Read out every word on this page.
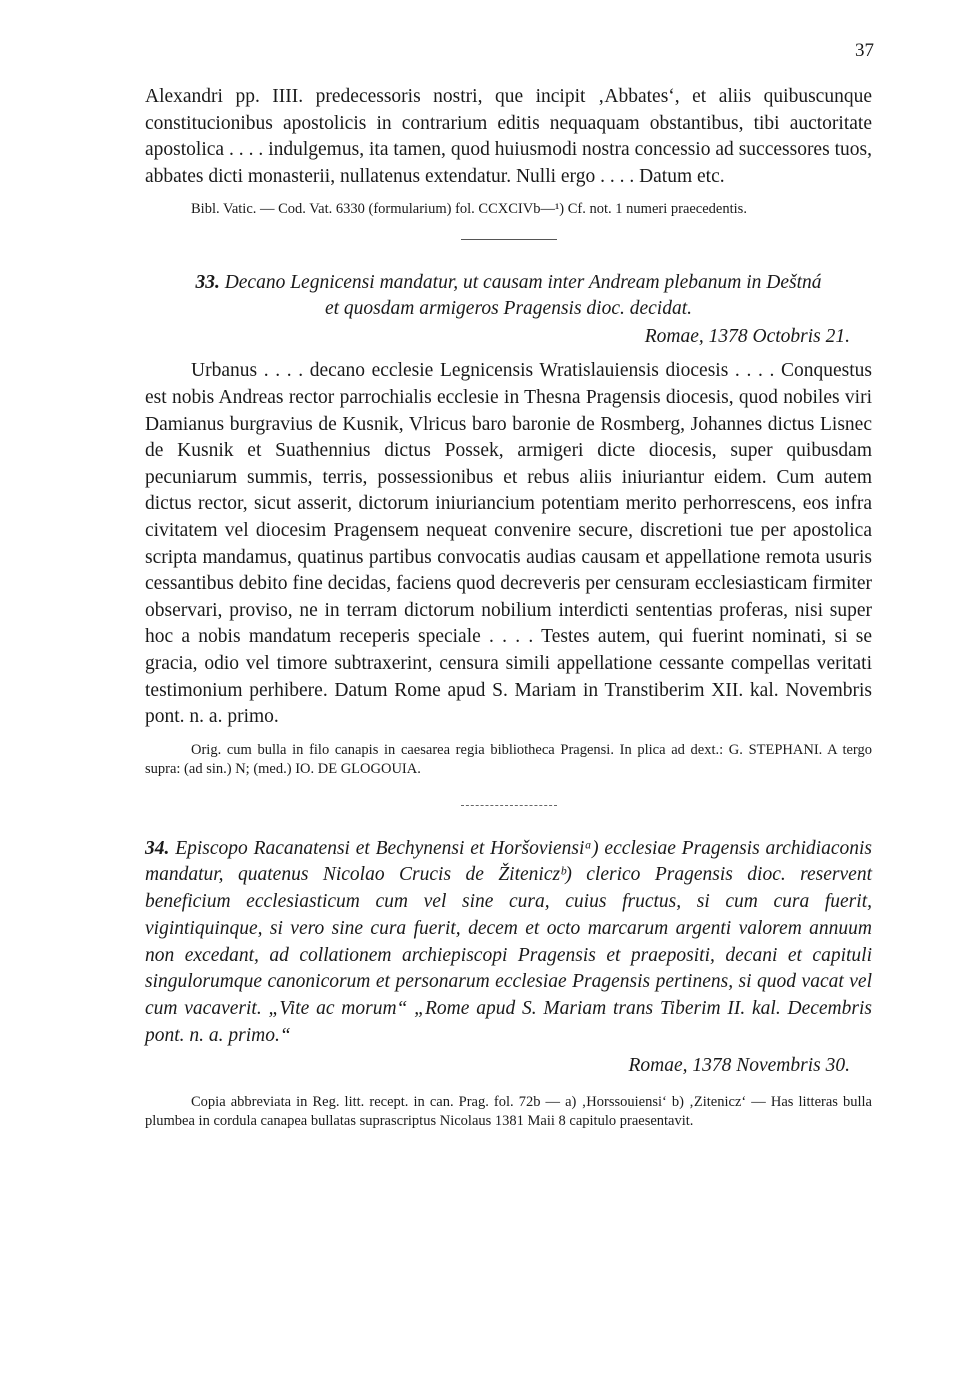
37

Alexandri pp. IIII. predecessoris nostri, que incipit ‚Abbates‘, et aliis quibuscunque constitucionibus apostolicis in contrarium editis nequaquam obstantibus, tibi auctoritate apostolica . . . . indulgemus, ita tamen, quod huiusmodi nostra concessio ad successores tuos, abbates dicti monasterii, nullatenus extendatur. Nulli ergo . . . . Datum etc.

Bibl. Vatic. — Cod. Vat. 6330 (formularium) fol. CCXCIVb—¹) Cf. not. 1 numeri praecedentis.

33. Decano Legnicensi mandatur, ut causam inter Andream plebanum in Deštná

et quosdam armigeros Pragensis dioc. decidat.

Romae, 1378 Octobris 21.

Urbanus . . . . decano ecclesie Legnicensis Wratislauiensis diocesis . . . . Conquestus est nobis Andreas rector parrochialis ecclesie in Thesna Pragensis diocesis, quod nobiles viri Damianus burgravius de Kusnik, Vlricus baro baronie de Rosmberg, Johannes dictus Lisnec de Kusnik et Suathennius dictus Possek, armigeri dicte diocesis, super quibusdam pecuniarum summis, terris, possessionibus et rebus aliis iniuriantur eidem. Cum autem dictus rector, sicut asserit, dictorum iniuriancium potentiam merito perhorrescens, eos infra civitatem vel diocesim Pragensem nequeat convenire secure, discretioni tue per apostolica scripta mandamus, quatinus partibus convocatis audias causam et appellatione remota usuris cessantibus debito fine decidas, faciens quod decreveris per censuram ecclesiasticam firmiter observari, proviso, ne in terram dictorum nobilium interdicti sententias proferas, nisi super hoc a nobis mandatum receperis speciale . . . . Testes autem, qui fuerint nominati, si se gracia, odio vel timore subtraxerint, censura simili appellatione cessante compellas veritati testimonium perhibere. Datum Rome apud S. Mariam in Transtiberim XII. kal. Novembris pont. n. a. primo.

Orig. cum bulla in filo canapis in caesarea regia bibliotheca Pragensi. In plica ad dext.: G. STEPHANI. A tergo supra: (ad sin.) N; (med.) IO. DE GLOGOUIA.

34. Episcopo Racanatensi et Bechynensi et Horšoviensiᵃ) ecclesiae Pragensis archidiaconis mandatur, quatenus Nicolao Crucis de Žiteniczᵇ) clerico Pragensis dioc. reservent beneficium ecclesiasticum cum vel sine cura, cuius fructus, si cum cura fuerit, vigintiquinque, si vero sine cura fuerit, decem et octo marcarum argenti valorem annuum non excedant, ad collationem archiepiscopi Pragensis et praepositi, decani et capituli singulorumque canonicorum et personarum ecclesiae Pragensis pertinens, si quod vacat vel cum vacaverit. „Vite ac morum“ „Rome apud S. Mariam trans Tiberim II. kal. Decembris pont. n. a. primo.“

Romae, 1378 Novembris 30.

Copia abbreviata in Reg. litt. recept. in can. Prag. fol. 72b — a) ‚Horssouiensi‘ b) ‚Ziteniczʻ — Has litteras bulla plumbea in cordula canapea bullatas suprascriptus Nicolaus 1381 Maii 8 capitulo praesentavit.
